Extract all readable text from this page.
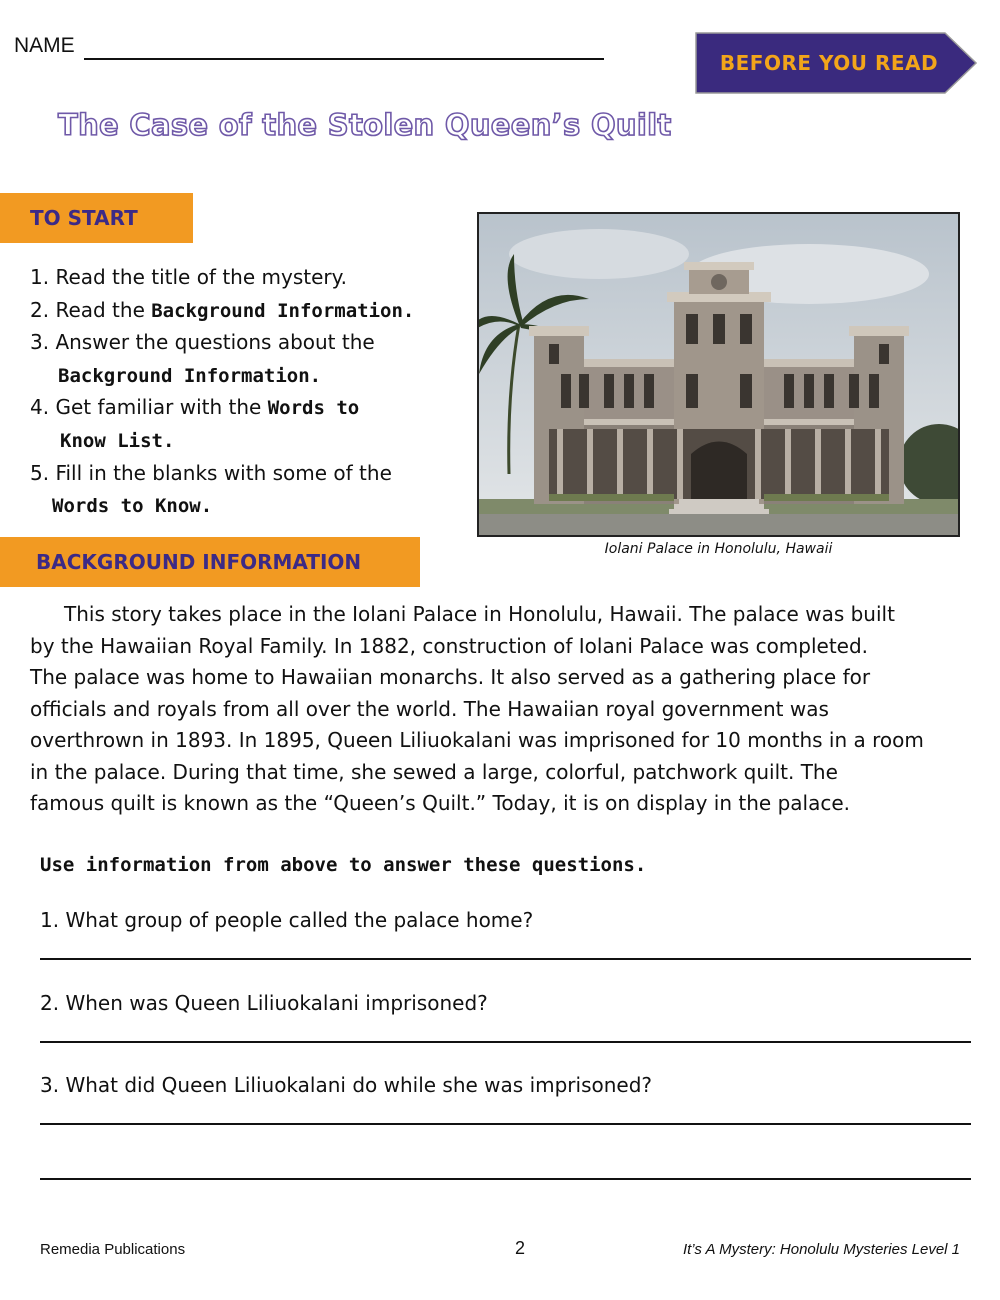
NAME
BEFORE YOU READ
The Case of the Stolen Queen’s Quilt
TO START
1. Read the title of the mystery.
2. Read the Background Information.
3. Answer the questions about the
Background Information.
4. Get familiar with the Words to
Know List.
5. Fill in the blanks with some of the
Words to Know.
Iolani Palace in Honolulu, Hawaii
BACKGROUND INFORMATION
This story takes place in the Iolani Palace in Honolulu, Hawaii. The palace was built
by the Hawaiian Royal Family. In 1882, construction of Iolani Palace was completed.
The palace was home to Hawaiian monarchs. It also served as a gathering place for
officials and royals from all over the world. The Hawaiian royal government was
overthrown in 1893. In 1895, Queen Liliuokalani was imprisoned for 10 months in a room
in the palace. During that time, she sewed a large, colorful, patchwork quilt. The
famous quilt is known as the “Queen’s Quilt.” Today, it is on display in the palace.
Use information from above to answer these questions.
1. What group of people called the palace home?
2. When was Queen Liliuokalani imprisoned?
3. What did Queen Liliuokalani do while she was imprisoned?
Remedia Publications	2	It’s A Mystery: Honolulu Mysteries Level 1
